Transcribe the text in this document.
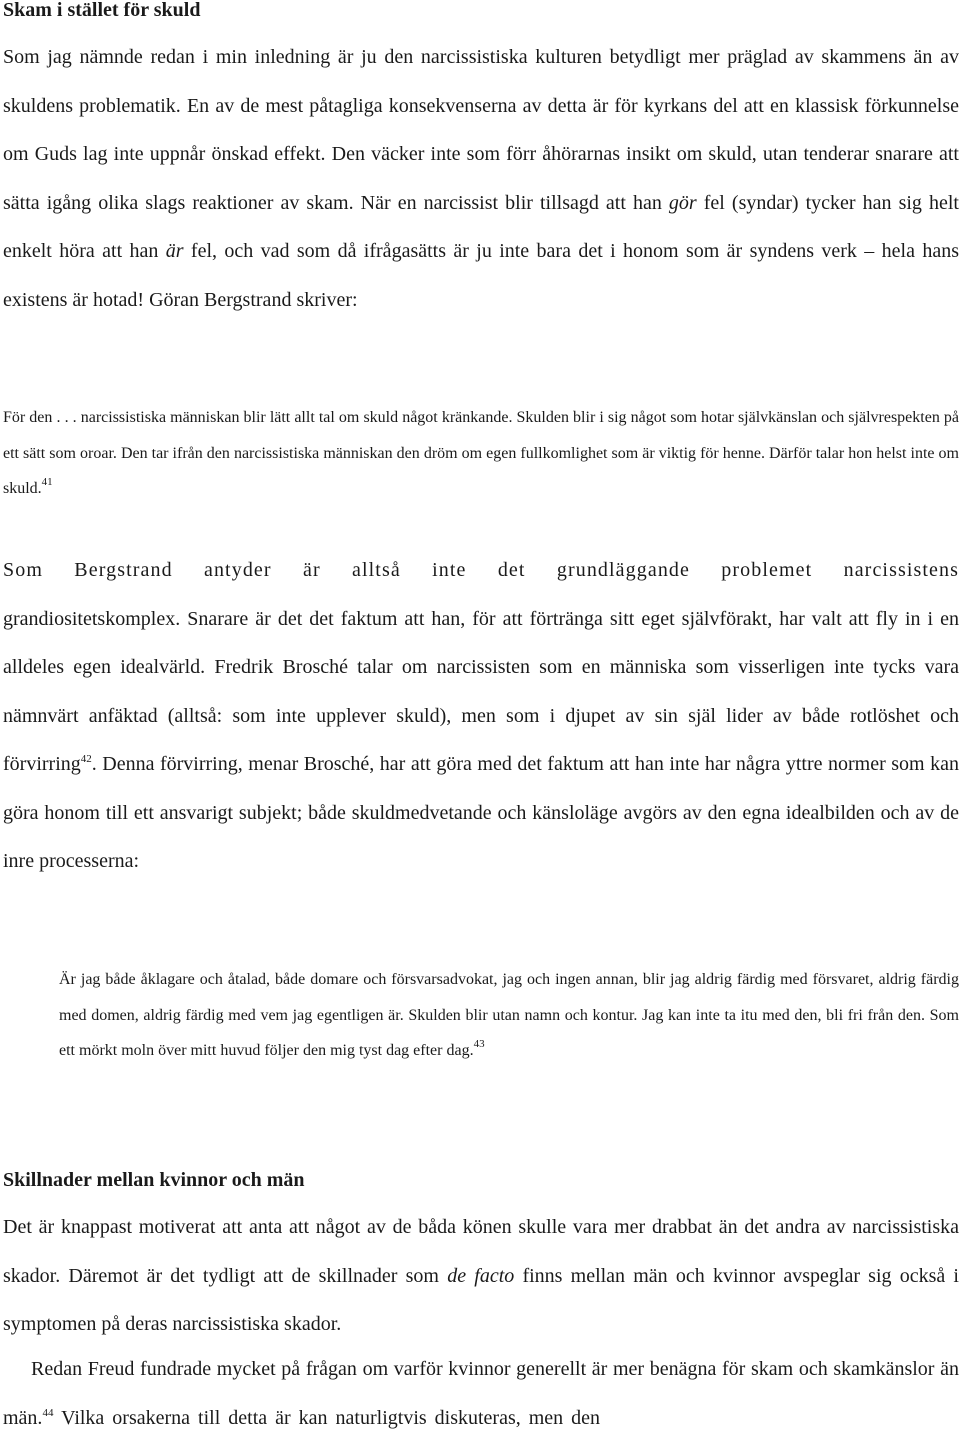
Skam i stället för skuld

Som jag nämnde redan i min inledning är ju den narcissistiska kulturen betydligt mer präglad av skammens än av skuldens problematik. En av de mest påtagliga konsekvenserna av detta är för kyrkans del att en klassisk förkunnelse om Guds lag inte uppnår önskad effekt. Den väcker inte som förr åhörarnas insikt om skuld, utan tenderar snarare att sätta igång olika slags reaktioner av skam. När en narcissist blir tillsagd att han gör fel (syndar) tycker han sig helt enkelt höra att han är fel, och vad som då ifrågasätts är ju inte bara det i honom som är syndens verk – hela hans existens är hotad! Göran Bergstrand skriver:

För den . . . narcissistiska människan blir lätt allt tal om skuld något kränkande. Skulden blir i sig något som hotar självkänslan och självrespekten på ett sätt som oroar. Den tar ifrån den narcissistiska människan den dröm om egen fullkomlighet som är viktig för henne. Därför talar hon helst inte om skuld.$^{41}$

Som Bergstrand antyder är alltså inte det grundläggande problemet narcissistens
grandiositetskomplex. Snarare är det det faktum att han, för att förtränga sitt eget självförakt, har valt att fly in i en alldeles egen idealvärld. Fredrik Brosché talar om narcissisten som en människa som visserligen inte tycks vara nämnvärt anfäktad (alltså: som inte upplever skuld), men som i djupet av sin själ lider av både rotlöshet och förvirring$^{42}$. Denna förvirring, menar Brosché, har att göra med det faktum att han inte har några yttre normer som kan göra honom till ett ansvarigt subjekt; både skuldmedvetande och känsloläge avgörs av den egna idealbilden och av de inre processerna:

Är jag både åklagare och åtalad, både domare och försvarsadvokat, jag och ingen annan, blir jag aldrig färdig med försvaret, aldrig färdig med domen, aldrig färdig med vem jag egentligen är. Skulden blir utan namn och kontur. Jag kan inte ta itu med den, bli fri från den. Som ett mörkt moln över mitt huvud följer den mig tyst dag efter dag.$^{43}$

Skillnader mellan kvinnor och män

Det är knappast motiverat att anta att något av de båda könen skulle vara mer drabbat än det andra av narcissistiska skador. Däremot är det tydligt att de skillnader som de facto finns mellan män och kvinnor avspeglar sig också i symptomen på deras narcissistiska skador.

Redan Freud fundrade mycket på frågan om varför kvinnor generellt är mer benägna för skam och skamkänslor än män.$^{44}$ Vilka orsakerna till detta är kan naturligtvis diskuteras, men den
